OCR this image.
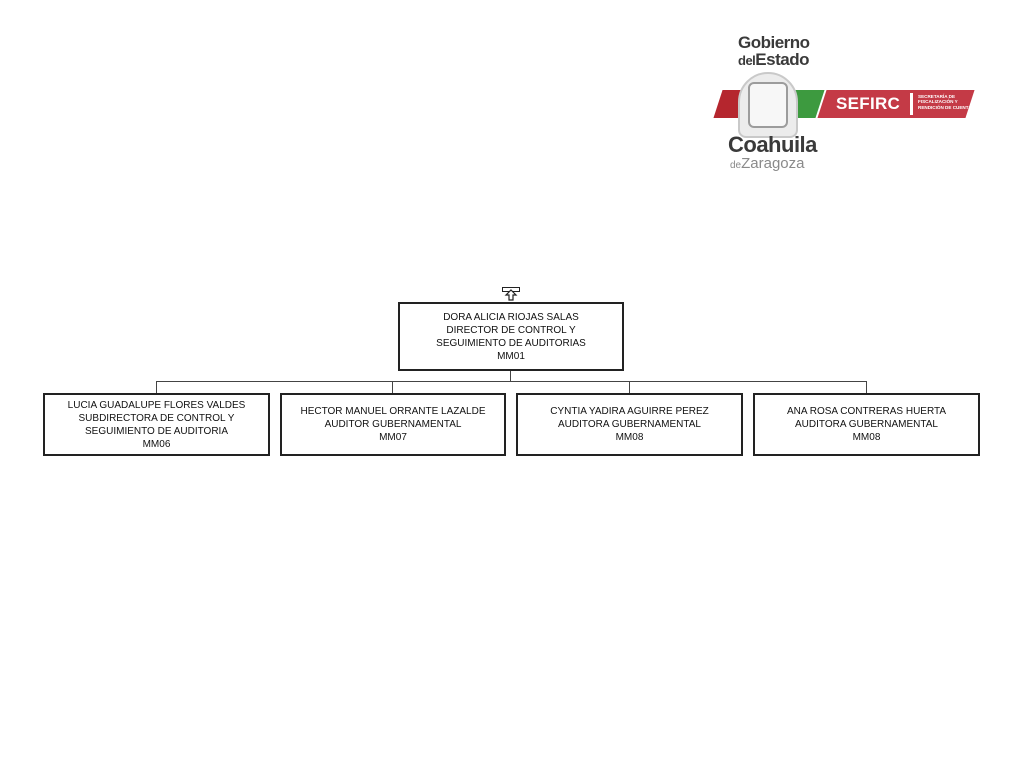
Gobierno
delEstado
SEFIRC	SECRETARÍA DE FISCALIZACIÓN Y RENDICIÓN DE CUENTAS
Coahuila
deZaragoza
DORA ALICIA RIOJAS SALAS
DIRECTOR DE CONTROL Y SEGUIMIENTO DE AUDITORIAS
MM01
LUCIA GUADALUPE FLORES VALDES
SUBDIRECTORA DE CONTROL Y SEGUIMIENTO DE AUDITORIA
MM06
HECTOR MANUEL ORRANTE LAZALDE
AUDITOR GUBERNAMENTAL
MM07
CYNTIA YADIRA AGUIRRE PEREZ
AUDITORA GUBERNAMENTAL
MM08
ANA ROSA CONTRERAS HUERTA
AUDITORA GUBERNAMENTAL
MM08
